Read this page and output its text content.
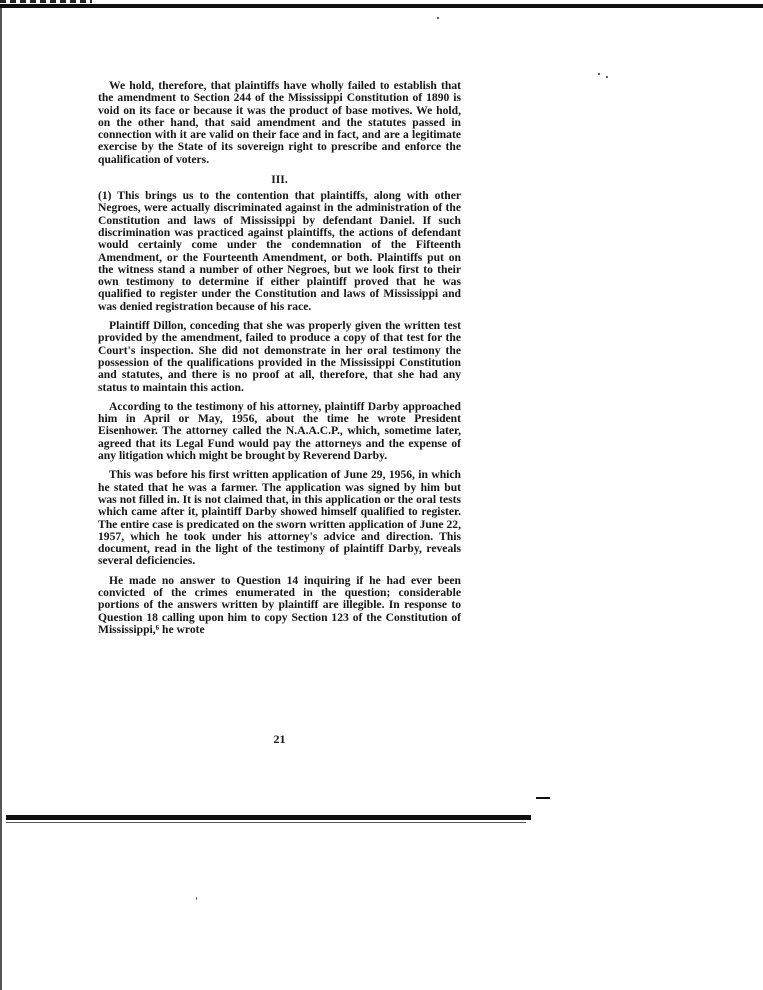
We hold, therefore, that plaintiffs have wholly failed to establish that the amendment to Section 244 of the Mississippi Constitution of 1890 is void on its face or because it was the product of base motives. We hold, on the other hand, that said amendment and the statutes passed in connection with it are valid on their face and in fact, and are a legitimate exercise by the State of its sovereign right to prescribe and enforce the qualification of voters.

III.

(1) This brings us to the contention that plaintiffs, along with other Negroes, were actually discriminated against in the administration of the Constitution and laws of Mississippi by defendant Daniel. If such discrimination was practiced against plaintiffs, the actions of defendant would certainly come under the condemnation of the Fifteenth Amendment, or the Fourteenth Amendment, or both. Plaintiffs put on the witness stand a number of other Negroes, but we look first to their own testimony to determine if either plaintiff proved that he was qualified to register under the Constitution and laws of Mississippi and was denied registration because of his race.

Plaintiff Dillon, conceding that she was properly given the written test provided by the amendment, failed to produce a copy of that test for the Court's inspection. She did not demonstrate in her oral testimony the possession of the qualifications provided in the Mississippi Constitution and statutes, and there is no proof at all, therefore, that she had any status to maintain this action.

According to the testimony of his attorney, plaintiff Darby approached him in April or May, 1956, about the time he wrote President Eisenhower. The attorney called the N.A.A.C.P., which, sometime later, agreed that its Legal Fund would pay the attorneys and the expense of any litigation which might be brought by Reverend Darby.

This was before his first written application of June 29, 1956, in which he stated that he was a farmer. The application was signed by him but was not filled in. It is not claimed that, in this application or the oral tests which came after it, plaintiff Darby showed himself qualified to register. The entire case is predicated on the sworn written application of June 22, 1957, which he took under his attorney's advice and direction. This document, read in the light of the testimony of plaintiff Darby, reveals several deficiencies.

He made no answer to Question 14 inquiring if he had ever been convicted of the crimes enumerated in the question; considerable portions of the answers written by plaintiff are illegible. In response to Question 18 calling upon him to copy Section 123 of the Constitution of Mississippi,⁶ he wrote

21
